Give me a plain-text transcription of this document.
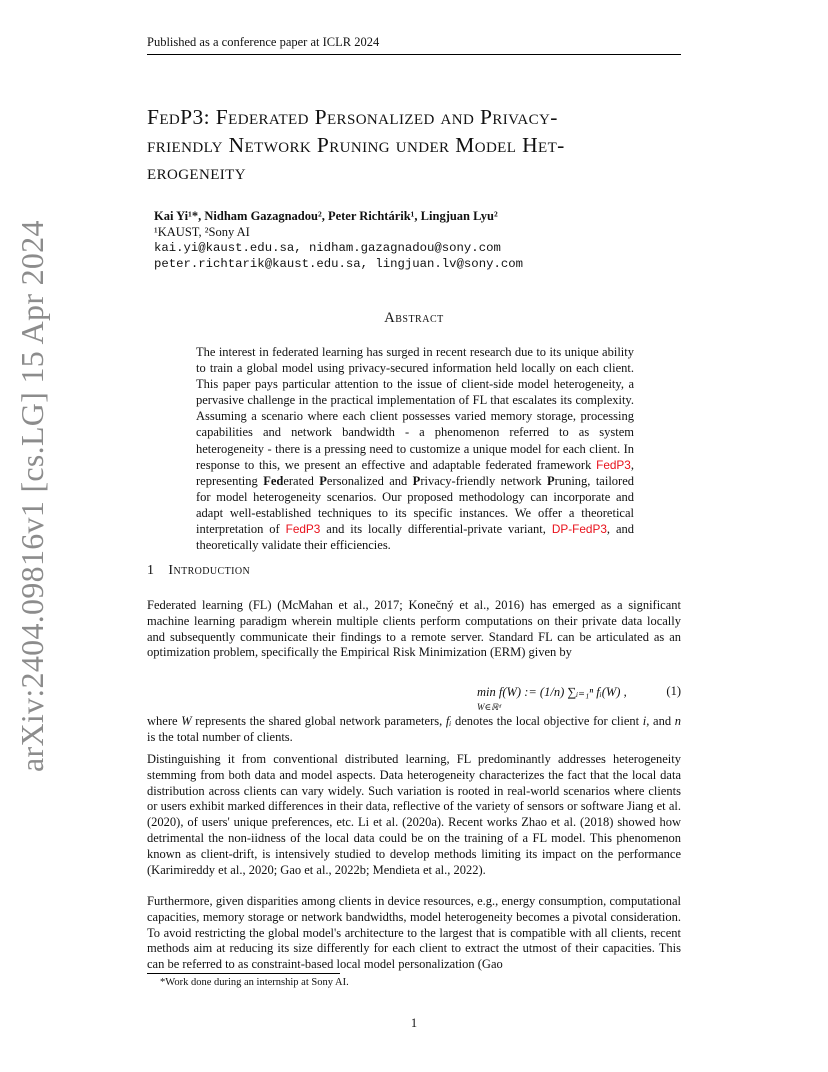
Published as a conference paper at ICLR 2024
arXiv:2404.09816v1 [cs.LG] 15 Apr 2024
FedP3: Federated Personalized and Privacy-
friendly Network Pruning under Model Het-
erogeneity
Kai Yi¹*, Nidham Gazagnadou², Peter Richtárik¹, Lingjuan Lyu²
¹KAUST, ²Sony AI
kai.yi@kaust.edu.sa, nidham.gazagnadou@sony.com
peter.richtarik@kaust.edu.sa, lingjuan.lv@sony.com
Abstract
The interest in federated learning has surged in recent research due to its unique ability to train a global model using privacy-secured information held locally on each client. This paper pays particular attention to the issue of client-side model heterogeneity, a pervasive challenge in the practical implementation of FL that escalates its complexity. Assuming a scenario where each client possesses varied memory storage, processing capabilities and network bandwidth - a phenomenon referred to as system heterogeneity - there is a pressing need to customize a unique model for each client. In response to this, we present an effective and adaptable federated framework FedP3, representing Federated Personalized and Privacy-friendly network Pruning, tailored for model heterogeneity scenarios. Our proposed methodology can incorporate and adapt well-established techniques to its specific instances. We offer a theoretical interpretation of FedP3 and its locally differential-private variant, DP-FedP3, and theoretically validate their efficiencies.
1 Introduction
Federated learning (FL) (McMahan et al., 2017; Konečný et al., 2016) has emerged as a significant machine learning paradigm wherein multiple clients perform computations on their private data locally and subsequently communicate their findings to a remote server. Standard FL can be articulated as an optimization problem, specifically the Empirical Risk Minimization (ERM) given by
min f(W) := (1/n) ∑ᵢ₌₁ⁿ fᵢ(W) ,
W∈ℝᵈ
(1)
where W represents the shared global network parameters, fᵢ denotes the local objective for client i, and n is the total number of clients.
Distinguishing it from conventional distributed learning, FL predominantly addresses heterogeneity stemming from both data and model aspects. Data heterogeneity characterizes the fact that the local data distribution across clients can vary widely. Such variation is rooted in real-world scenarios where clients or users exhibit marked differences in their data, reflective of the variety of sensors or software Jiang et al. (2020), of users' unique preferences, etc. Li et al. (2020a). Recent works Zhao et al. (2018) showed how detrimental the non-iidness of the local data could be on the training of a FL model. This phenomenon known as client-drift, is intensively studied to develop methods limiting its impact on the performance (Karimireddy et al., 2020; Gao et al., 2022b; Mendieta et al., 2022).
Furthermore, given disparities among clients in device resources, e.g., energy consumption, computational capacities, memory storage or network bandwidths, model heterogeneity becomes a pivotal consideration. To avoid restricting the global model's architecture to the largest that is compatible with all clients, recent methods aim at reducing its size differently for each client to extract the utmost of their capacities. This can be referred to as constraint-based local model personalization (Gao
*Work done during an internship at Sony AI.
1
